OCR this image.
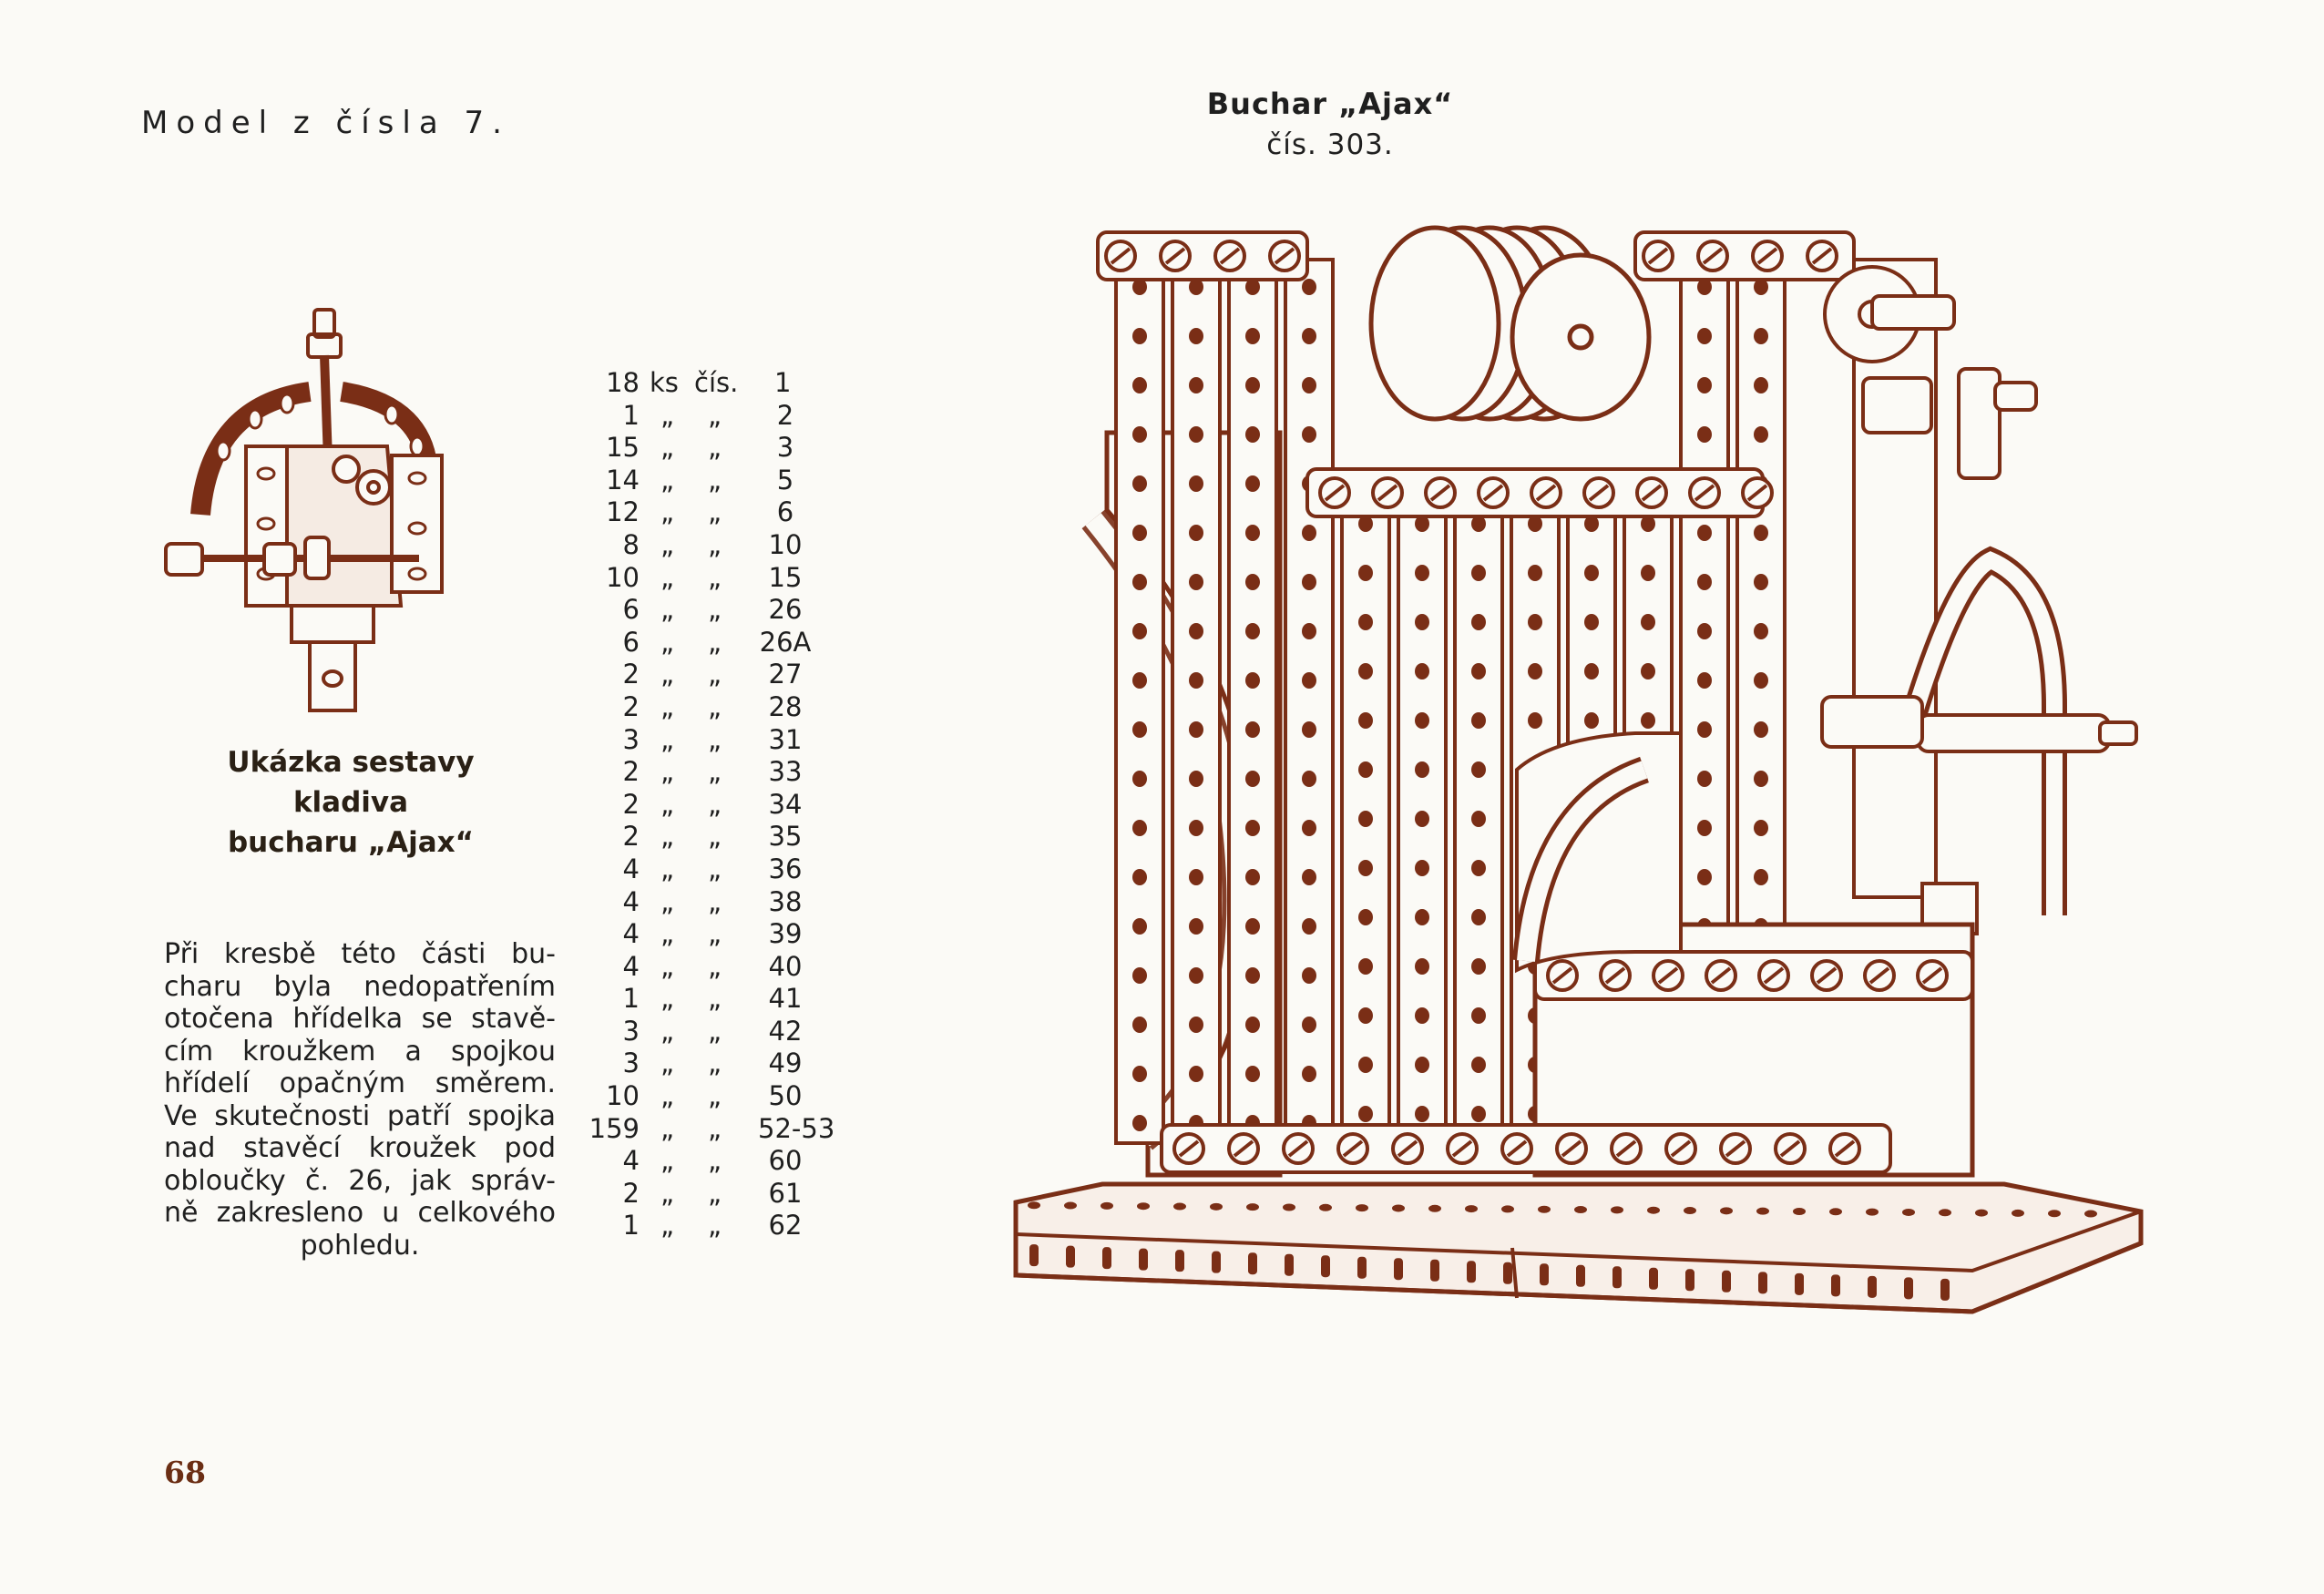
Model z čísla 7.
Buchar „Ajax“
čís. 303.
Ukázka sestavy kladiva
bucharu „Ajax“
Při kresbě této části bu-
charu byla nedopatřením
otočena hřídelka se stavě-
cím kroužkem a spojkou
hřídelí opačným směrem.
Ve skutečnosti patří spojka
nad stavěcí kroužek pod
obloučky č. 26, jak správ-
ně zakresleno u celkového
pohledu.
18 ks čís. 1
1 „ „	2
15 „ „	3
14 „ „	5
12 „ „	6
8 „ „	10
10 „ „	15
6 „ „	26
6 „ „ 26A
2 „ „	27
2 „ „	28
3 „ „	31
2 „ „	33
2 „ „	34
2 „ „	35
4 „ „	36
4 „ „	38
4 „ „	39
4 „ „	40
1 „ „	41
3 „ „	42
3 „ „	49
10 „ „	50
159 „ „ 52-53
4 „ „	60
2 „ „	61
1 „ „	62
68
